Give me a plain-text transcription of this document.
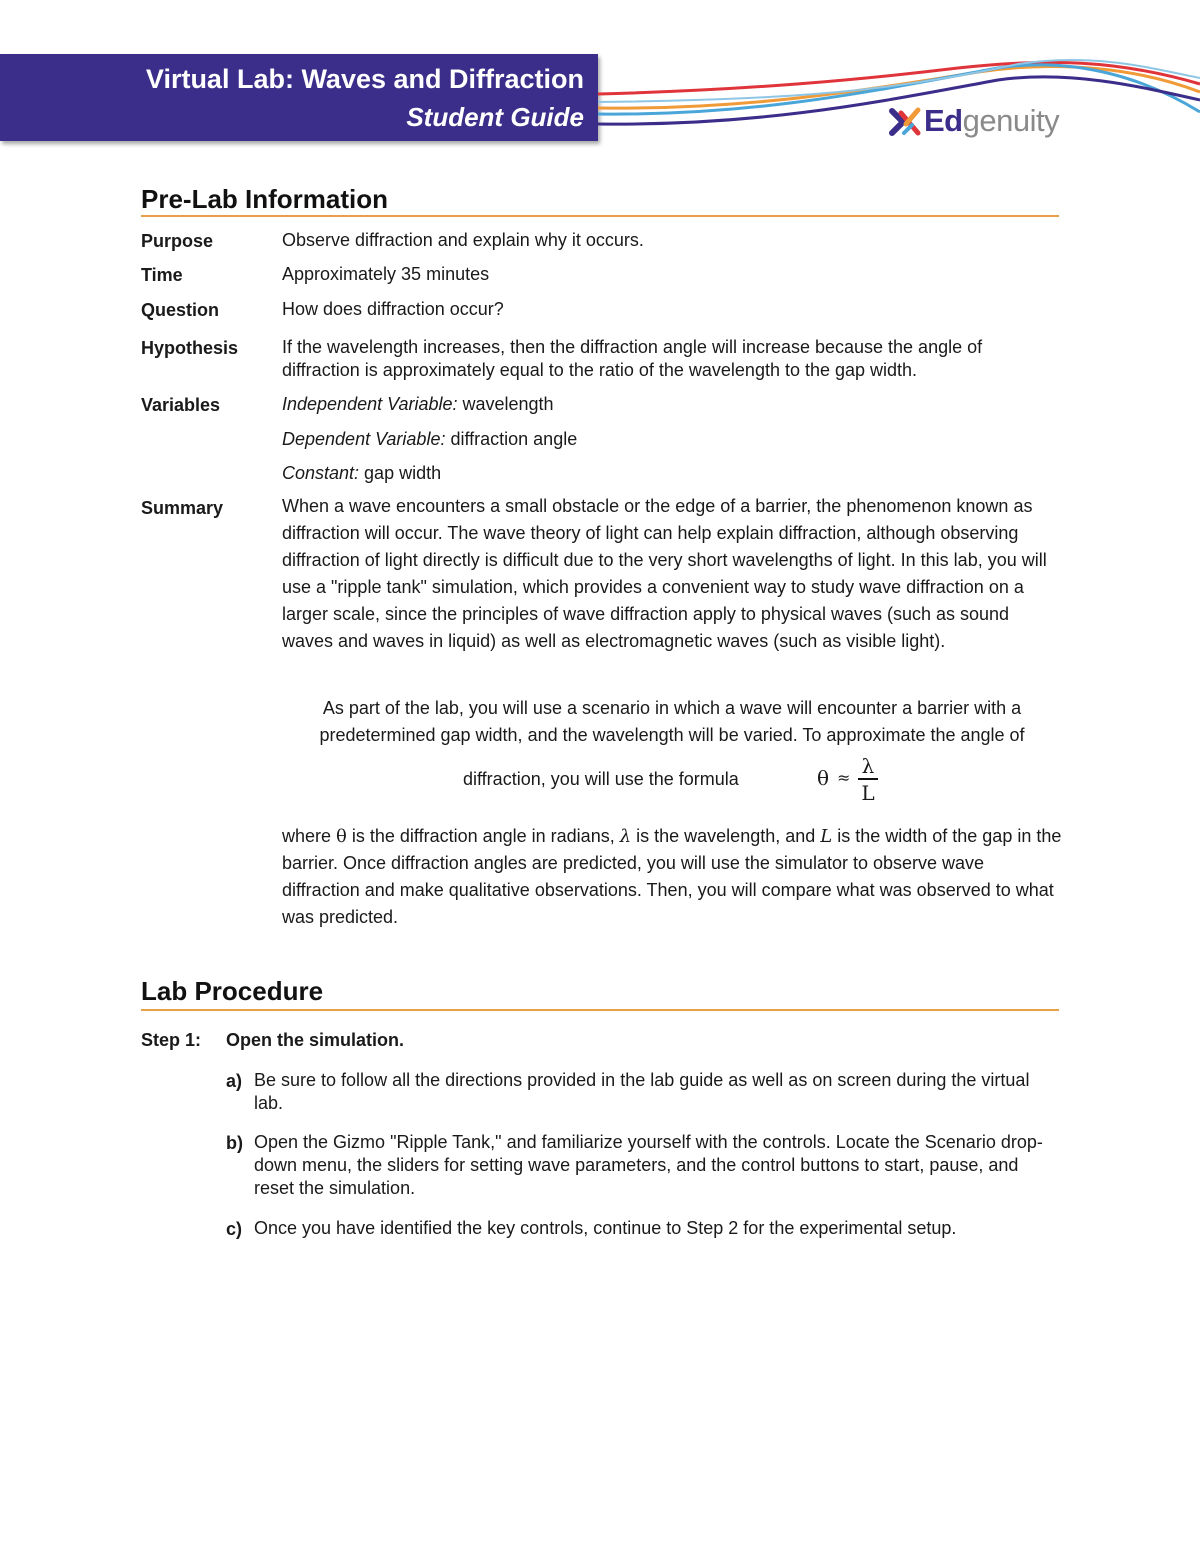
Virtual Lab: Waves and Diffraction
Student Guide	Edgenuity
Pre-Lab Information
Purpose	Observe diffraction and explain why it occurs.
Time	Approximately 35 minutes
Question	How does diffraction occur?
Hypothesis If the wavelength increases, then the diffraction angle will increase because the angle of diffraction is approximately equal to the ratio of the wavelength to the gap width.
Variables	Independent Variable: wavelength
Dependent Variable: diffraction angle
Constant: gap width
Summary	When a wave encounters a small obstacle or the edge of a barrier, the phenomenon known as diffraction will occur. The wave theory of light can help explain diffraction, although observing diffraction of light directly is difficult due to the very short wavelengths of light. In this lab, you will use a "ripple tank" simulation, which provides a convenient way to study wave diffraction on a larger scale, since the principles of wave diffraction apply to physical waves (such as sound waves and waves in liquid) as well as electromagnetic waves (such as visible light).
As part of the lab, you will use a scenario in which a wave will encounter a barrier with a predetermined gap width, and the wavelength will be varied. To approximate the angle of
diffraction, you will use the formula	θ ≈ λ
L
where θ is the diffraction angle in radians, λ is the wavelength, and L is the width of the gap in the barrier. Once diffraction angles are predicted, you will use the simulator to observe wave diffraction and make qualitative observations. Then, you will compare what was observed to what was predicted.
Lab Procedure
Step 1: Open the simulation.
a) Be sure to follow all the directions provided in the lab guide as well as on screen during the virtual lab.
b) Open the Gizmo "Ripple Tank," and familiarize yourself with the controls. Locate the Scenario drop-down menu, the sliders for setting wave parameters, and the control buttons to start, pause, and reset the simulation.
c) Once you have identified the key controls, continue to Step 2 for the experimental setup.
